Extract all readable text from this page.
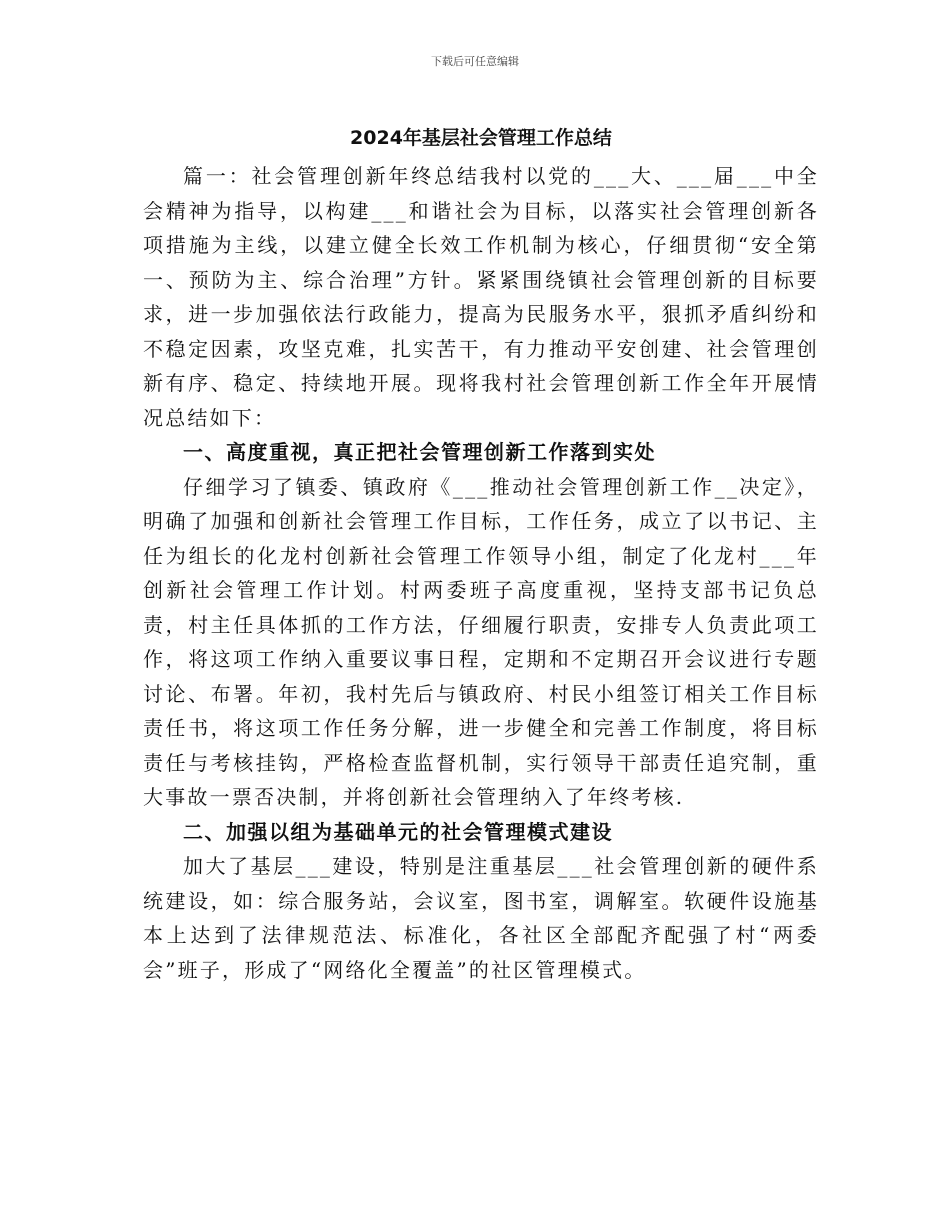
下载后可任意编辑
2024年基层社会管理工作总结

篇一：社会管理创新年终总结我村以党的___大、___届___中全会精神为指导，以构建___和谐社会为目标，以落实社会管理创新各项措施为主线，以建立健全长效工作机制为核心，仔细贯彻“安全第一、预防为主、综合治理”方针。紧紧围绕镇社会管理创新的目标要求，进一步加强依法行政能力，提高为民服务水平，狠抓矛盾纠纷和不稳定因素，攻坚克难，扎实苦干，有力推动平安创建、社会管理创新有序、稳定、持续地开展。现将我村社会管理创新工作全年开展情况总结如下：

一、高度重视，真正把社会管理创新工作落到实处

仔细学习了镇委、镇政府《___推动社会管理创新工作__决定》，明确了加强和创新社会管理工作目标，工作任务，成立了以书记、主任为组长的化龙村创新社会管理工作领导小组，制定了化龙村___年创新社会管理工作计划。村两委班子高度重视，坚持支部书记负总责，村主任具体抓的工作方法，仔细履行职责，安排专人负责此项工作，将这项工作纳入重要议事日程，定期和不定期召开会议进行专题讨论、布署。年初，我村先后与镇政府、村民小组签订相关工作目标责任书，将这项工作任务分解，进一步健全和完善工作制度，将目标责任与考核挂钩，严格检查监督机制，实行领导干部责任追究制，重大事故一票否决制，并将创新社会管理纳入了年终考核.

二、加强以组为基础单元的社会管理模式建设

加大了基层___建设，特别是注重基层___社会管理创新的硬件系统建设，如：综合服务站，会议室，图书室，调解室。软硬件设施基本上达到了法律规范法、标准化，各社区全部配齐配强了村“两委会”班子，形成了“网络化全覆盖”的社区管理模式。
